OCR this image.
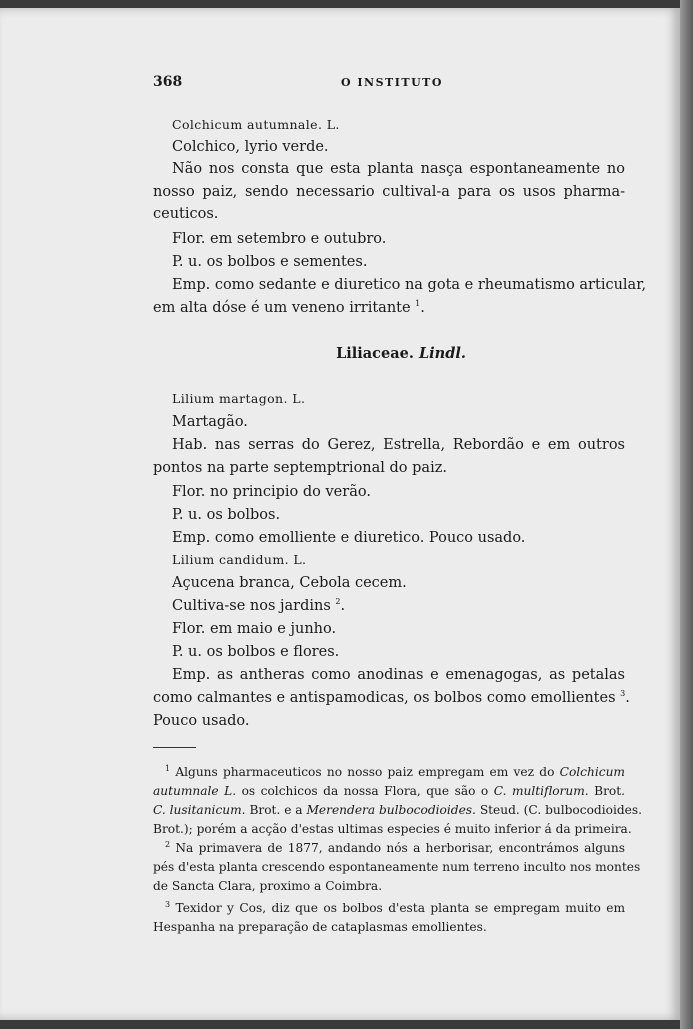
368	O INSTITUTO
Colchicum autumnale. L.
Colchico, lyrio verde.
Não nos consta que esta planta nasça espontaneamente no
nosso paiz, sendo necessario cultival-a para os usos pharma-
ceuticos.
Flor. em setembro e outubro.
P. u. os bolbos e sementes.
Emp. como sedante e diuretico na gota e rheumatismo articular,
em alta dóse é um veneno irritante $^1$.
Liliaceae. Lindl.
Lilium martagon. L.
Martagão.
Hab. nas serras do Gerez, Estrella, Rebordão e em outros
pontos na parte septemptrional do paiz.
Flor. no principio do verão.
P. u. os bolbos.
Emp. como emolliente e diuretico. Pouco usado.
Lilium candidum. L.
Açucena branca, Cebola cecem.
Cultiva-se nos jardins $^2$.
Flor. em maio e junho.
P. u. os bolbos e flores.
Emp. as antheras como anodinas e emenagogas, as petalas
como calmantes e antispamodicas, os bolbos como emollientes $^3$.
Pouco usado.
$^1$ Alguns pharmaceuticos no nosso paiz empregam em vez do Colchicum
autumnale L. os colchicos da nossa Flora, que são o C. multiflorum. Brot.
C. lusitanicum. Brot. e a Merendera bulbocodioides. Steud. (C. bulbocodioides.
Brot.); porém a acção d'estas ultimas especies é muito inferior á da primeira.
$^2$ Na primavera de 1877, andando nós a herborisar, encontrámos alguns
pés d'esta planta crescendo espontaneamente num terreno inculto nos montes
de Sancta Clara, proximo a Coimbra.
$^3$ Texidor y Cos, diz que os bolbos d'esta planta se empregam muito em
Hespanha na preparação de cataplasmas emollientes.
